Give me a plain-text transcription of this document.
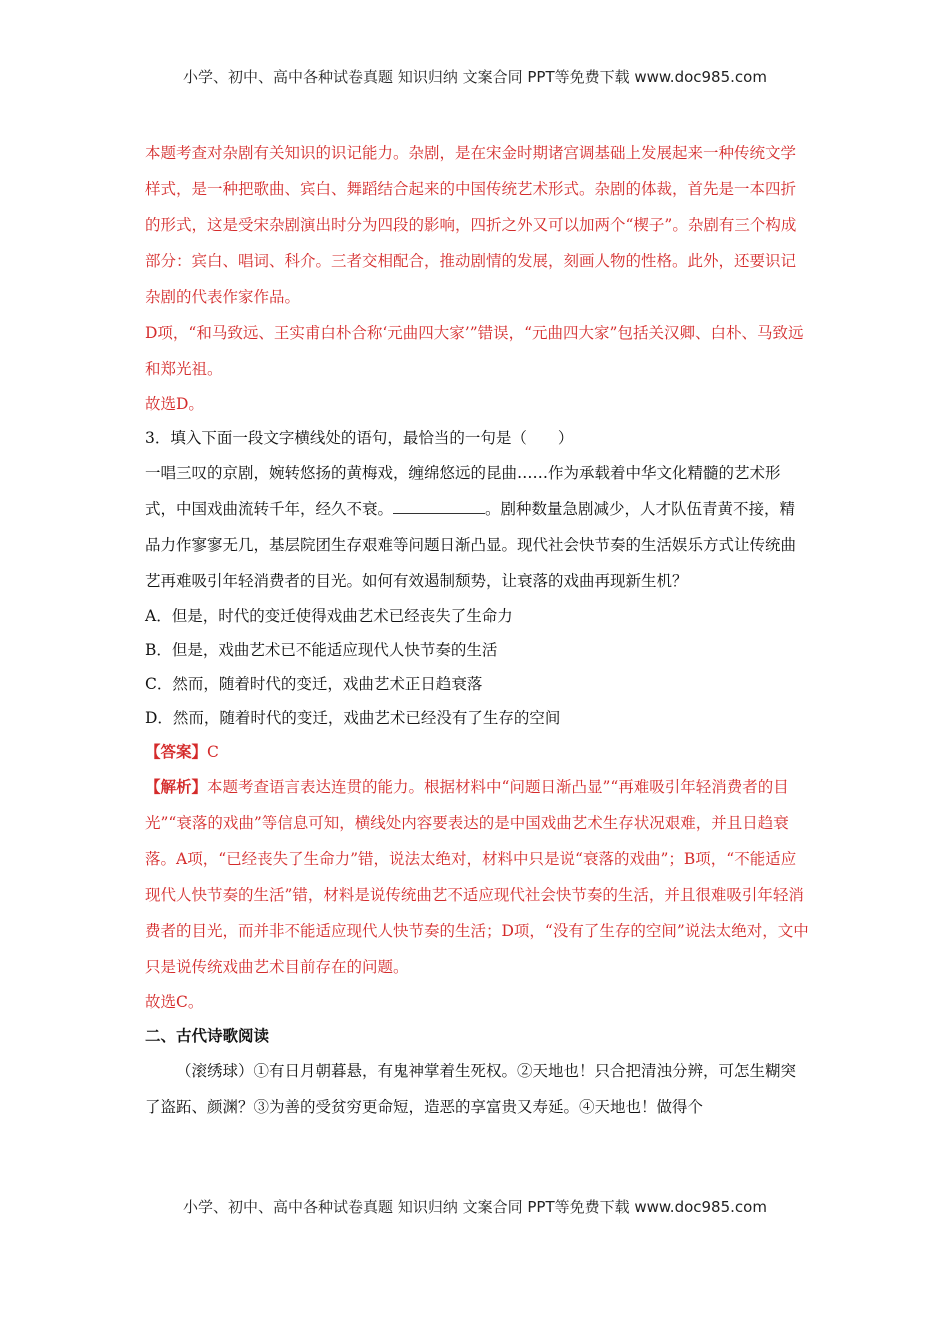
小学、初中、高中各种试卷真题 知识归纳 文案合同 PPT等免费下载 www.doc985.com

本题考查对杂剧有关知识的识记能力。杂剧，是在宋金时期诸宫调基础上发展起来一种传统文学样式，是一种把歌曲、宾白、舞蹈结合起来的中国传统艺术形式。杂剧的体裁，首先是一本四折的形式，这是受宋杂剧演出时分为四段的影响，四折之外又可以加两个“楔子”。杂剧有三个构成部分：宾白、唱词、科介。三者交相配合，推动剧情的发展，刻画人物的性格。此外，还要识记杂剧的代表作家作品。

D项，“和马致远、王实甫白朴合称‘元曲四大家’”错误，“元曲四大家”包括关汉卿、白朴、马致远和郑光祖。

故选D。

3．填入下面一段文字横线处的语句，最恰当的一句是（　　）

一唱三叹的京剧，婉转悠扬的黄梅戏，缠绵悠远的昆曲……作为承载着中华文化精髓的艺术形式，中国戏曲流转千年，经久不衰。	。剧种数量急剧减少，人才队伍青黄不接，精品力作寥寥无几，基层院团生存艰难等问题日渐凸显。现代社会快节奏的生活娱乐方式让传统曲艺再难吸引年轻消费者的目光。如何有效遏制颓势，让衰落的戏曲再现新生机？

A．但是，时代的变迁使得戏曲艺术已经丧失了生命力

B．但是，戏曲艺术已不能适应现代人快节奏的生活

C．然而，随着时代的变迁，戏曲艺术正日趋衰落

D．然而，随着时代的变迁，戏曲艺术已经没有了生存的空间

【答案】C

【解析】本题考查语言表达连贯的能力。根据材料中“问题日渐凸显”“再难吸引年轻消费者的目光”“衰落的戏曲”等信息可知，横线处内容要表达的是中国戏曲艺术生存状况艰难，并且日趋衰落。A项，“已经丧失了生命力”错，说法太绝对，材料中只是说“衰落的戏曲”；B项，“不能适应现代人快节奏的生活”错，材料是说传统曲艺不适应现代社会快节奏的生活，并且很难吸引年轻消费者的目光，而并非不能适应现代人快节奏的生活；D项，“没有了生存的空间”说法太绝对，文中只是说传统戏曲艺术目前存在的问题。

故选C。

二、古代诗歌阅读

（滚绣球）①有日月朝暮悬，有鬼神掌着生死权。②天地也！只合把清浊分辨，可怎生糊突了盗跖、颜渊？③为善的受贫穷更命短，造恶的享富贵又寿延。④天地也！做得个

小学、初中、高中各种试卷真题 知识归纳 文案合同 PPT等免费下载 www.doc985.com
